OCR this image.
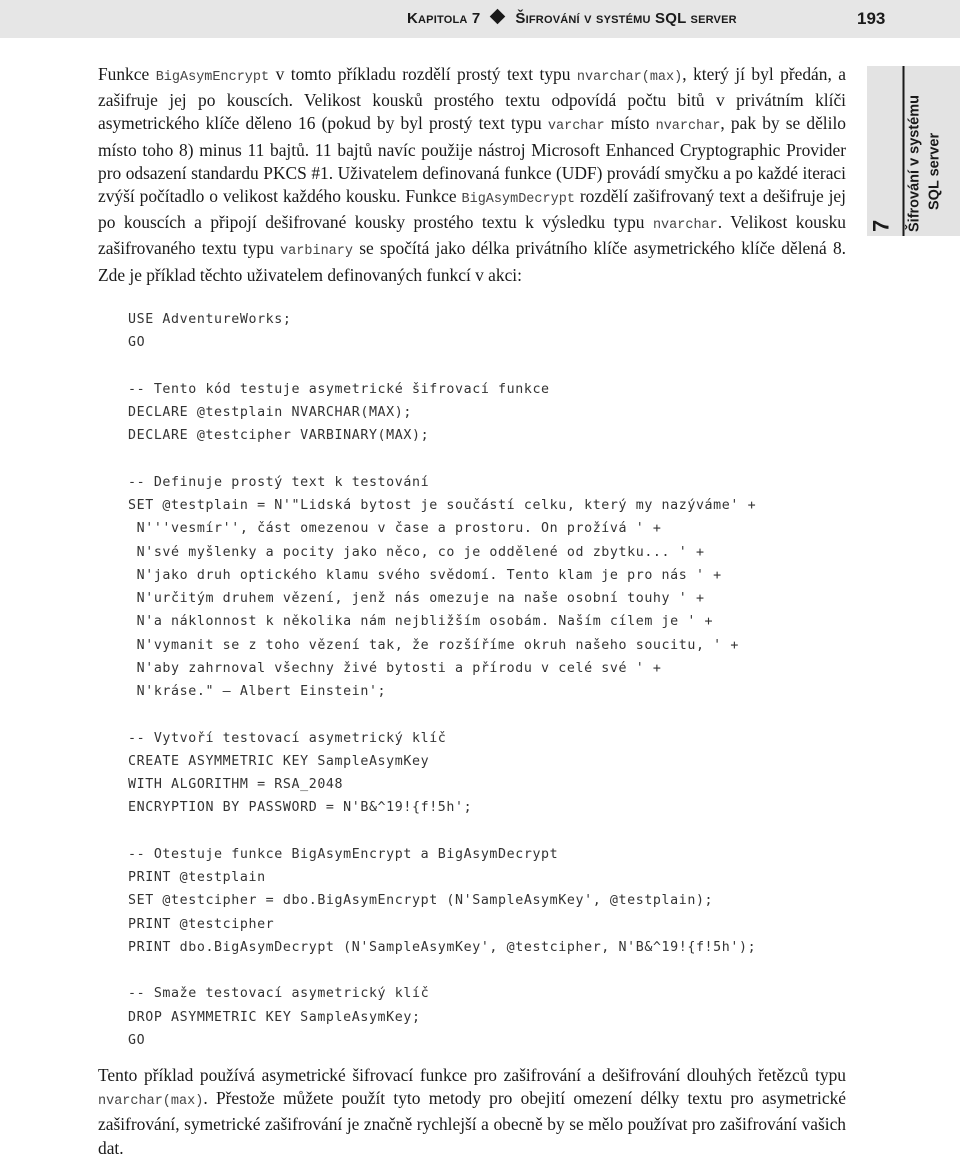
Kapitola 7 Šifrování v systému SQL server	193
7 Šifrování v systému SQL server
Funkce BigAsymEncrypt v tomto příkladu rozdělí prostý text typu nvarchar(max), který jí byl předán, a zašifruje jej po kouscích. Velikost kousků prostého textu odpovídá počtu bitů v privátním klíči asymetrického klíče děleno 16 (pokud by byl prostý text typu varchar místo nvarchar, pak by se dělilo místo toho 8) minus 11 bajtů. 11 bajtů navíc použije nástroj Microsoft Enhanced Cryptographic Provider pro odsazení standardu PKCS #1. Uživatelem definovaná funkce (UDF) provádí smyčku a po každé iteraci zvýší počítadlo o velikost každého kousku. Funkce BigAsymDecrypt rozdělí zašifrovaný text a dešifruje jej po kouscích a připojí dešifrované kousky prostého textu k výsledku typu nvarchar. Velikost kousku zašifrovaného textu typu varbinary se spočítá jako délka privátního klíče asymetrického klíče dělená 8. Zde je příklad těchto uživatelem definovaných funkcí v akci:
USE AdventureWorks;
GO

-- Tento kód testuje asymetrické šifrovací funkce
DECLARE @testplain NVARCHAR(MAX);
DECLARE @testcipher VARBINARY(MAX);

-- Definuje prostý text k testování
SET @testplain = N'"Lidská bytost je součástí celku, který my nazýváme' +
N'''vesmír'', část omezenou v čase a prostoru. On prožívá ' +
N'své myšlenky a pocity jako něco, co je oddělené od zbytku... ' +
N'jako druh optického klamu svého svědomí. Tento klam je pro nás ' +
N'určitým druhem vězení, jenž nás omezuje na naše osobní touhy ' +
N'a náklonnost k několika nám nejbližším osobám. Naším cílem je ' +
N'vymanit se z toho vězení tak, že rozšíříme okruh našeho soucitu, ' +
N'aby zahrnoval všechny živé bytosti a přírodu v celé své ' +
N'kráse." – Albert Einstein';

-- Vytvoří testovací asymetrický klíč
CREATE ASYMMETRIC KEY SampleAsymKey
WITH ALGORITHM = RSA_2048
ENCRYPTION BY PASSWORD = N'B&^19!{f!5h';

-- Otestuje funkce BigAsymEncrypt a BigAsymDecrypt
PRINT @testplain
SET @testcipher = dbo.BigAsymEncrypt (N'SampleAsymKey', @testplain);
PRINT @testcipher
PRINT dbo.BigAsymDecrypt (N'SampleAsymKey', @testcipher, N'B&^19!{f!5h');

-- Smaže testovací asymetrický klíč
DROP ASYMMETRIC KEY SampleAsymKey;
GO
Tento příklad používá asymetrické šifrovací funkce pro zašifrování a dešifrování dlouhých řetězců typu nvarchar(max). Přestože můžete použít tyto metody pro obejití omezení délky textu pro asymetrické zašifrování, symetrické zašifrování je značně rychlejší a obecně by se mělo používat pro zašifrování vašich dat.
